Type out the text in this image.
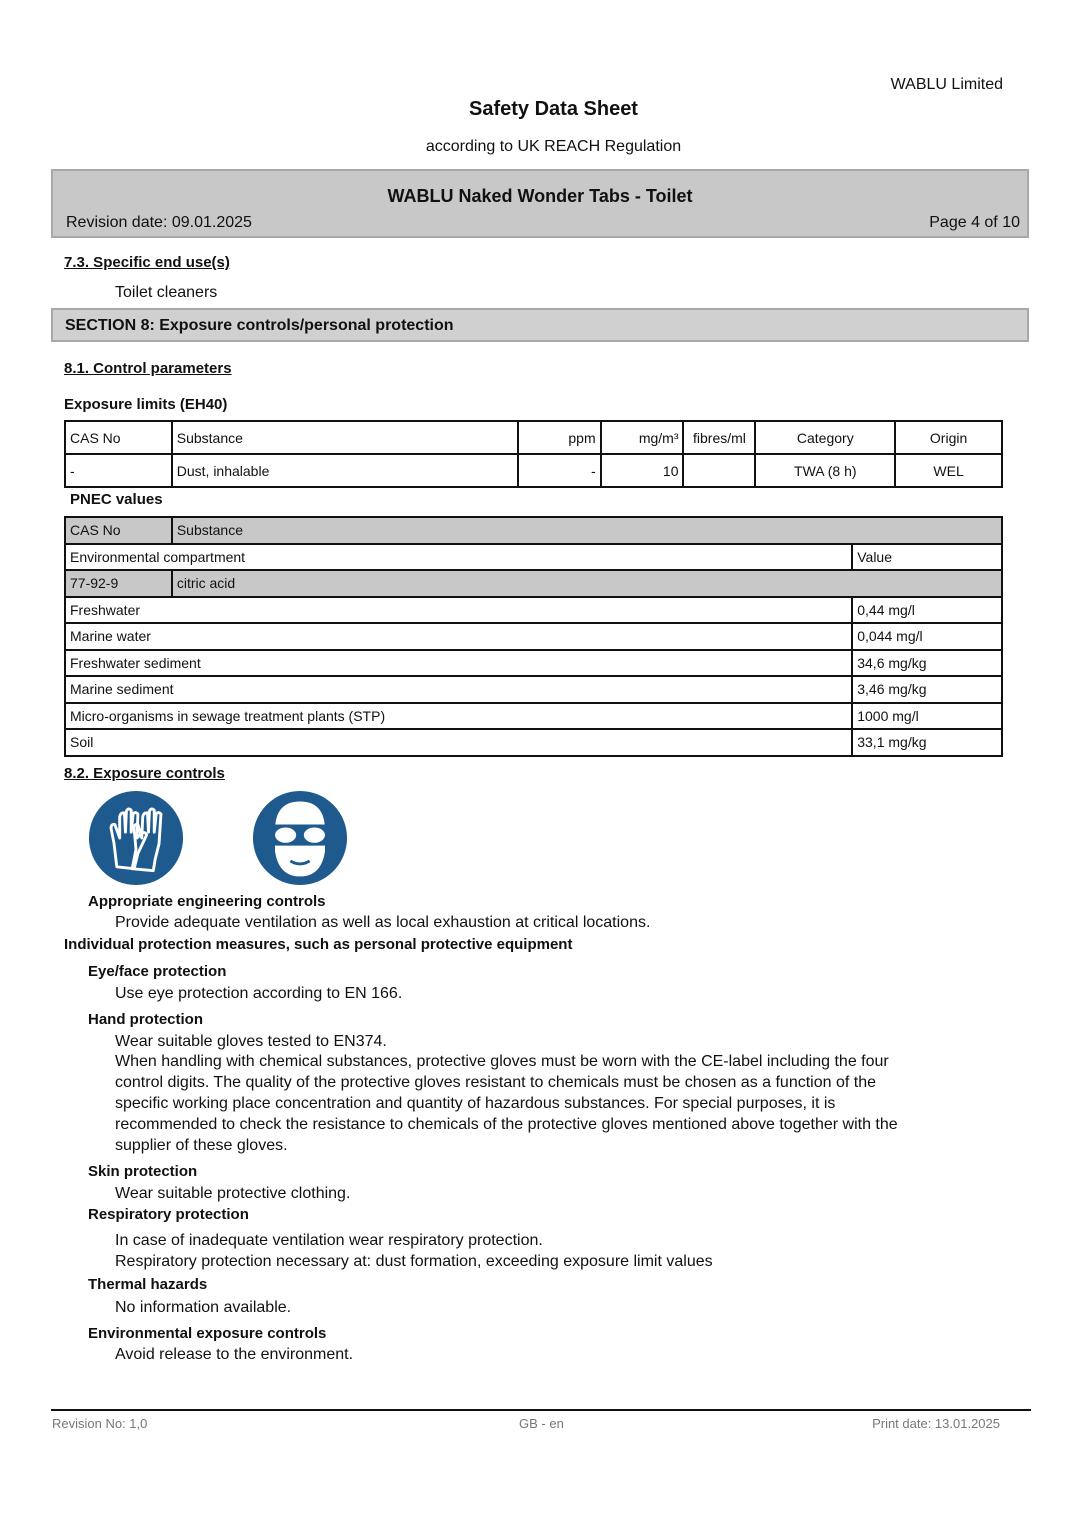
WABLU Limited
Safety Data Sheet
according to UK REACH Regulation
WABLU Naked Wonder Tabs - Toilet
Revision date: 09.01.2025	Page 4 of 10
7.3. Specific end use(s)
Toilet cleaners
SECTION 8: Exposure controls/personal protection
8.1. Control parameters
Exposure limits (EH40)
CAS No	Substance	ppm	mg/m³	fibres/ml	Category	Origin
-	Dust, inhalable	-	10		TWA (8 h)	WEL
PNEC values
CAS No	Substance	
Environmental compartment		Value
77-92-9	citric acid	
Freshwater		0,44 mg/l
Marine water		0,044 mg/l
Freshwater sediment		34,6 mg/kg
Marine sediment		3,46 mg/kg
Micro-organisms in sewage treatment plants (STP)		1000 mg/l
Soil		33,1 mg/kg
8.2. Exposure controls
Appropriate engineering controls
Provide adequate ventilation as well as local exhaustion at critical locations.
Individual protection measures, such as personal protective equipment
Eye/face protection
Use eye protection according to EN 166.
Hand protection
Wear suitable gloves tested to EN374.
When handling with chemical substances, protective gloves must be worn with the CE-label including the four
control digits. The quality of the protective gloves resistant to chemicals must be chosen as a function of the
specific working place concentration and quantity of hazardous substances. For special purposes, it is
recommended to check the resistance to chemicals of the protective gloves mentioned above together with the
supplier of these gloves.
Skin protection
Wear suitable protective clothing.
Respiratory protection
In case of inadequate ventilation wear respiratory protection.
Respiratory protection necessary at: dust formation, exceeding exposure limit values
Thermal hazards
No information available.
Environmental exposure controls
Avoid release to the environment.
Revision No: 1,0	GB - en	Print date: 13.01.2025
